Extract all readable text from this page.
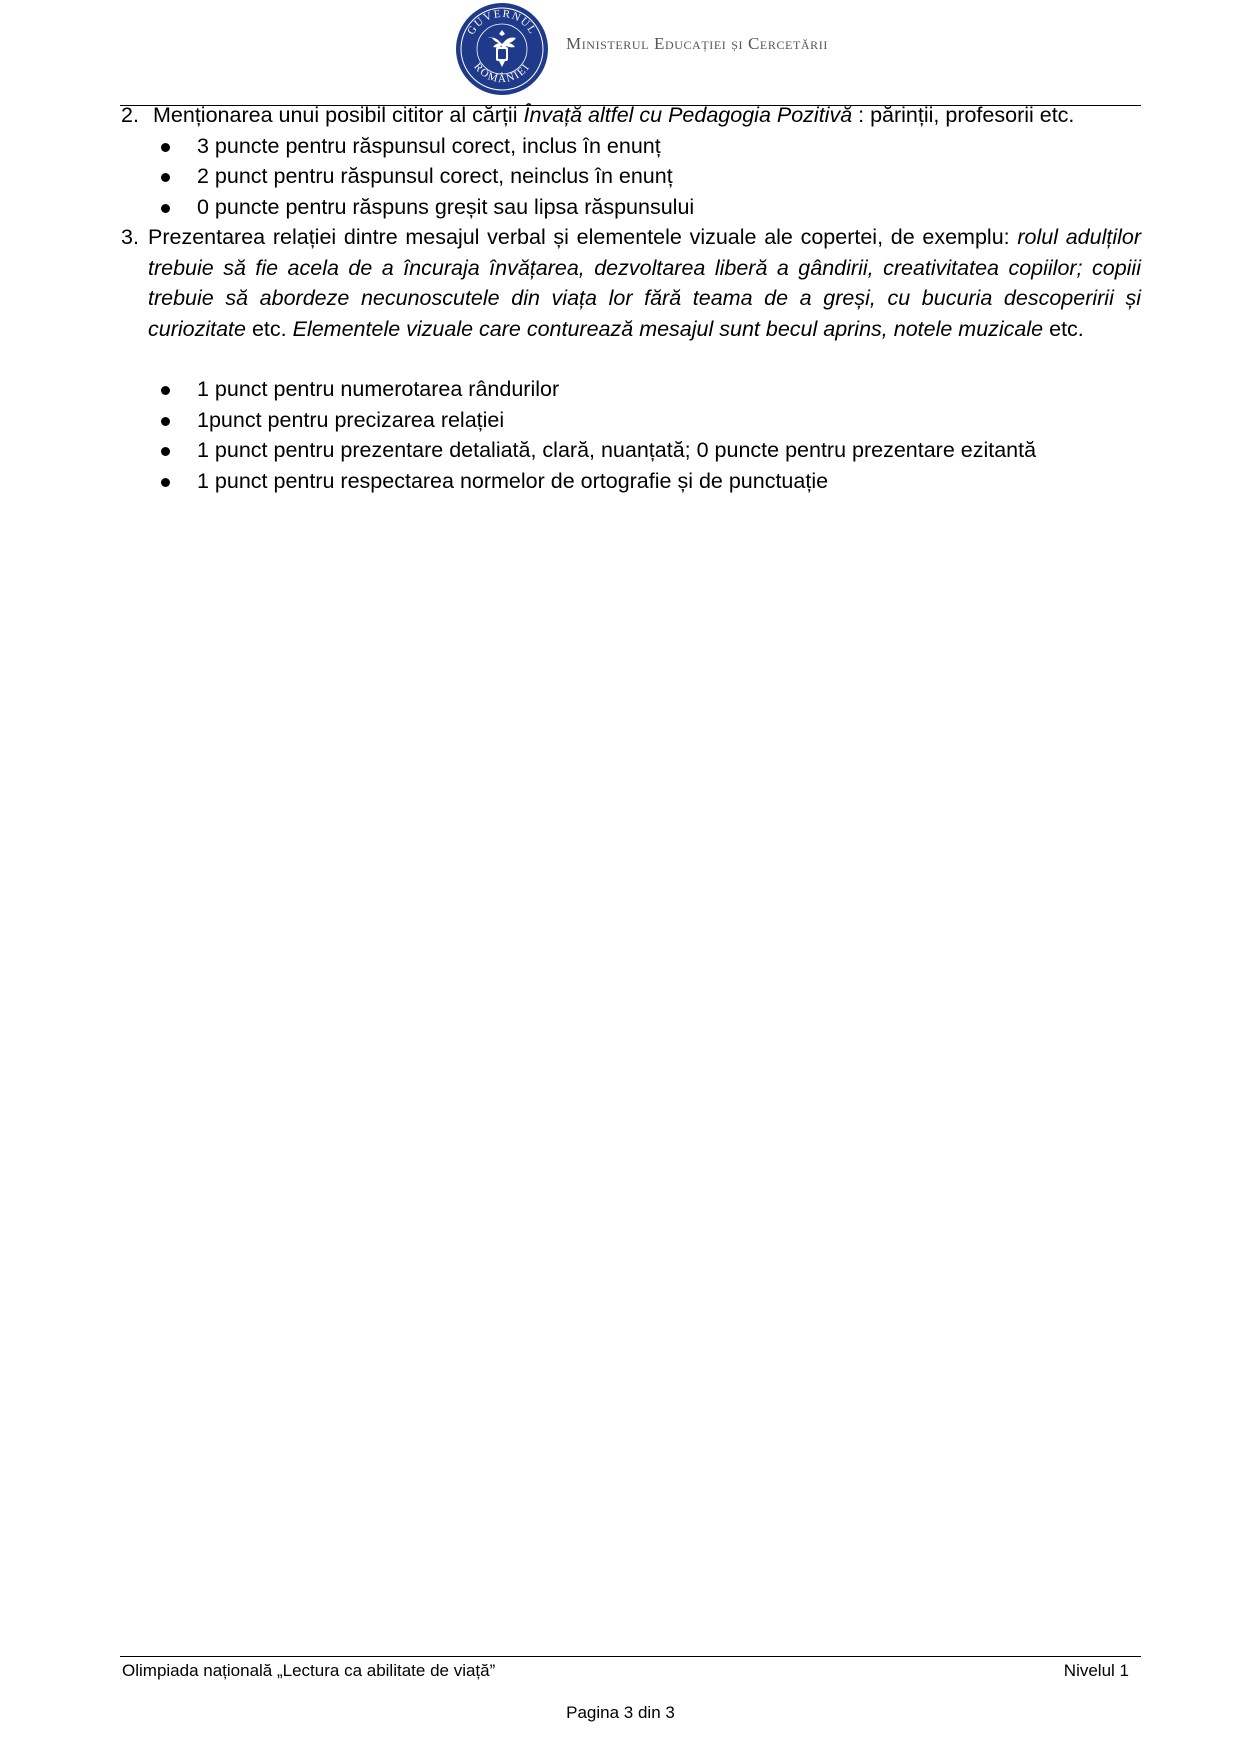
GUVERNUL
ROMÂNIEI
Ministerul Educației și Cercetării
2. Menționarea unui posibil cititor al cărții Învață altfel cu Pedagogia Pozitivă : părinții, profesorii etc.
3 puncte pentru răspunsul corect, inclus în enunț
2 punct pentru răspunsul corect, neinclus în enunț
0 puncte pentru răspuns greșit sau lipsa răspunsului
3. Prezentarea relației dintre mesajul verbal și elementele vizuale ale copertei, de exemplu: rolul adulților trebuie să fie acela de a încuraja învățarea, dezvoltarea liberă a gândirii, creativitatea copiilor; copiii trebuie să abordeze necunoscutele din viața lor fără teama de a greși, cu bucuria descoperirii și curiozitate etc. Elementele vizuale care conturează mesajul sunt becul aprins, notele muzicale etc.
1 punct pentru numerotarea rândurilor
1punct pentru precizarea relației
1 punct pentru prezentare detaliată, clară, nuanțată; 0 puncte pentru prezentare ezitantă
1 punct pentru respectarea normelor de ortografie și de punctuație
Olimpiada națională „Lectura ca abilitate de viață”	Nivelul 1
Pagina 3 din 3
